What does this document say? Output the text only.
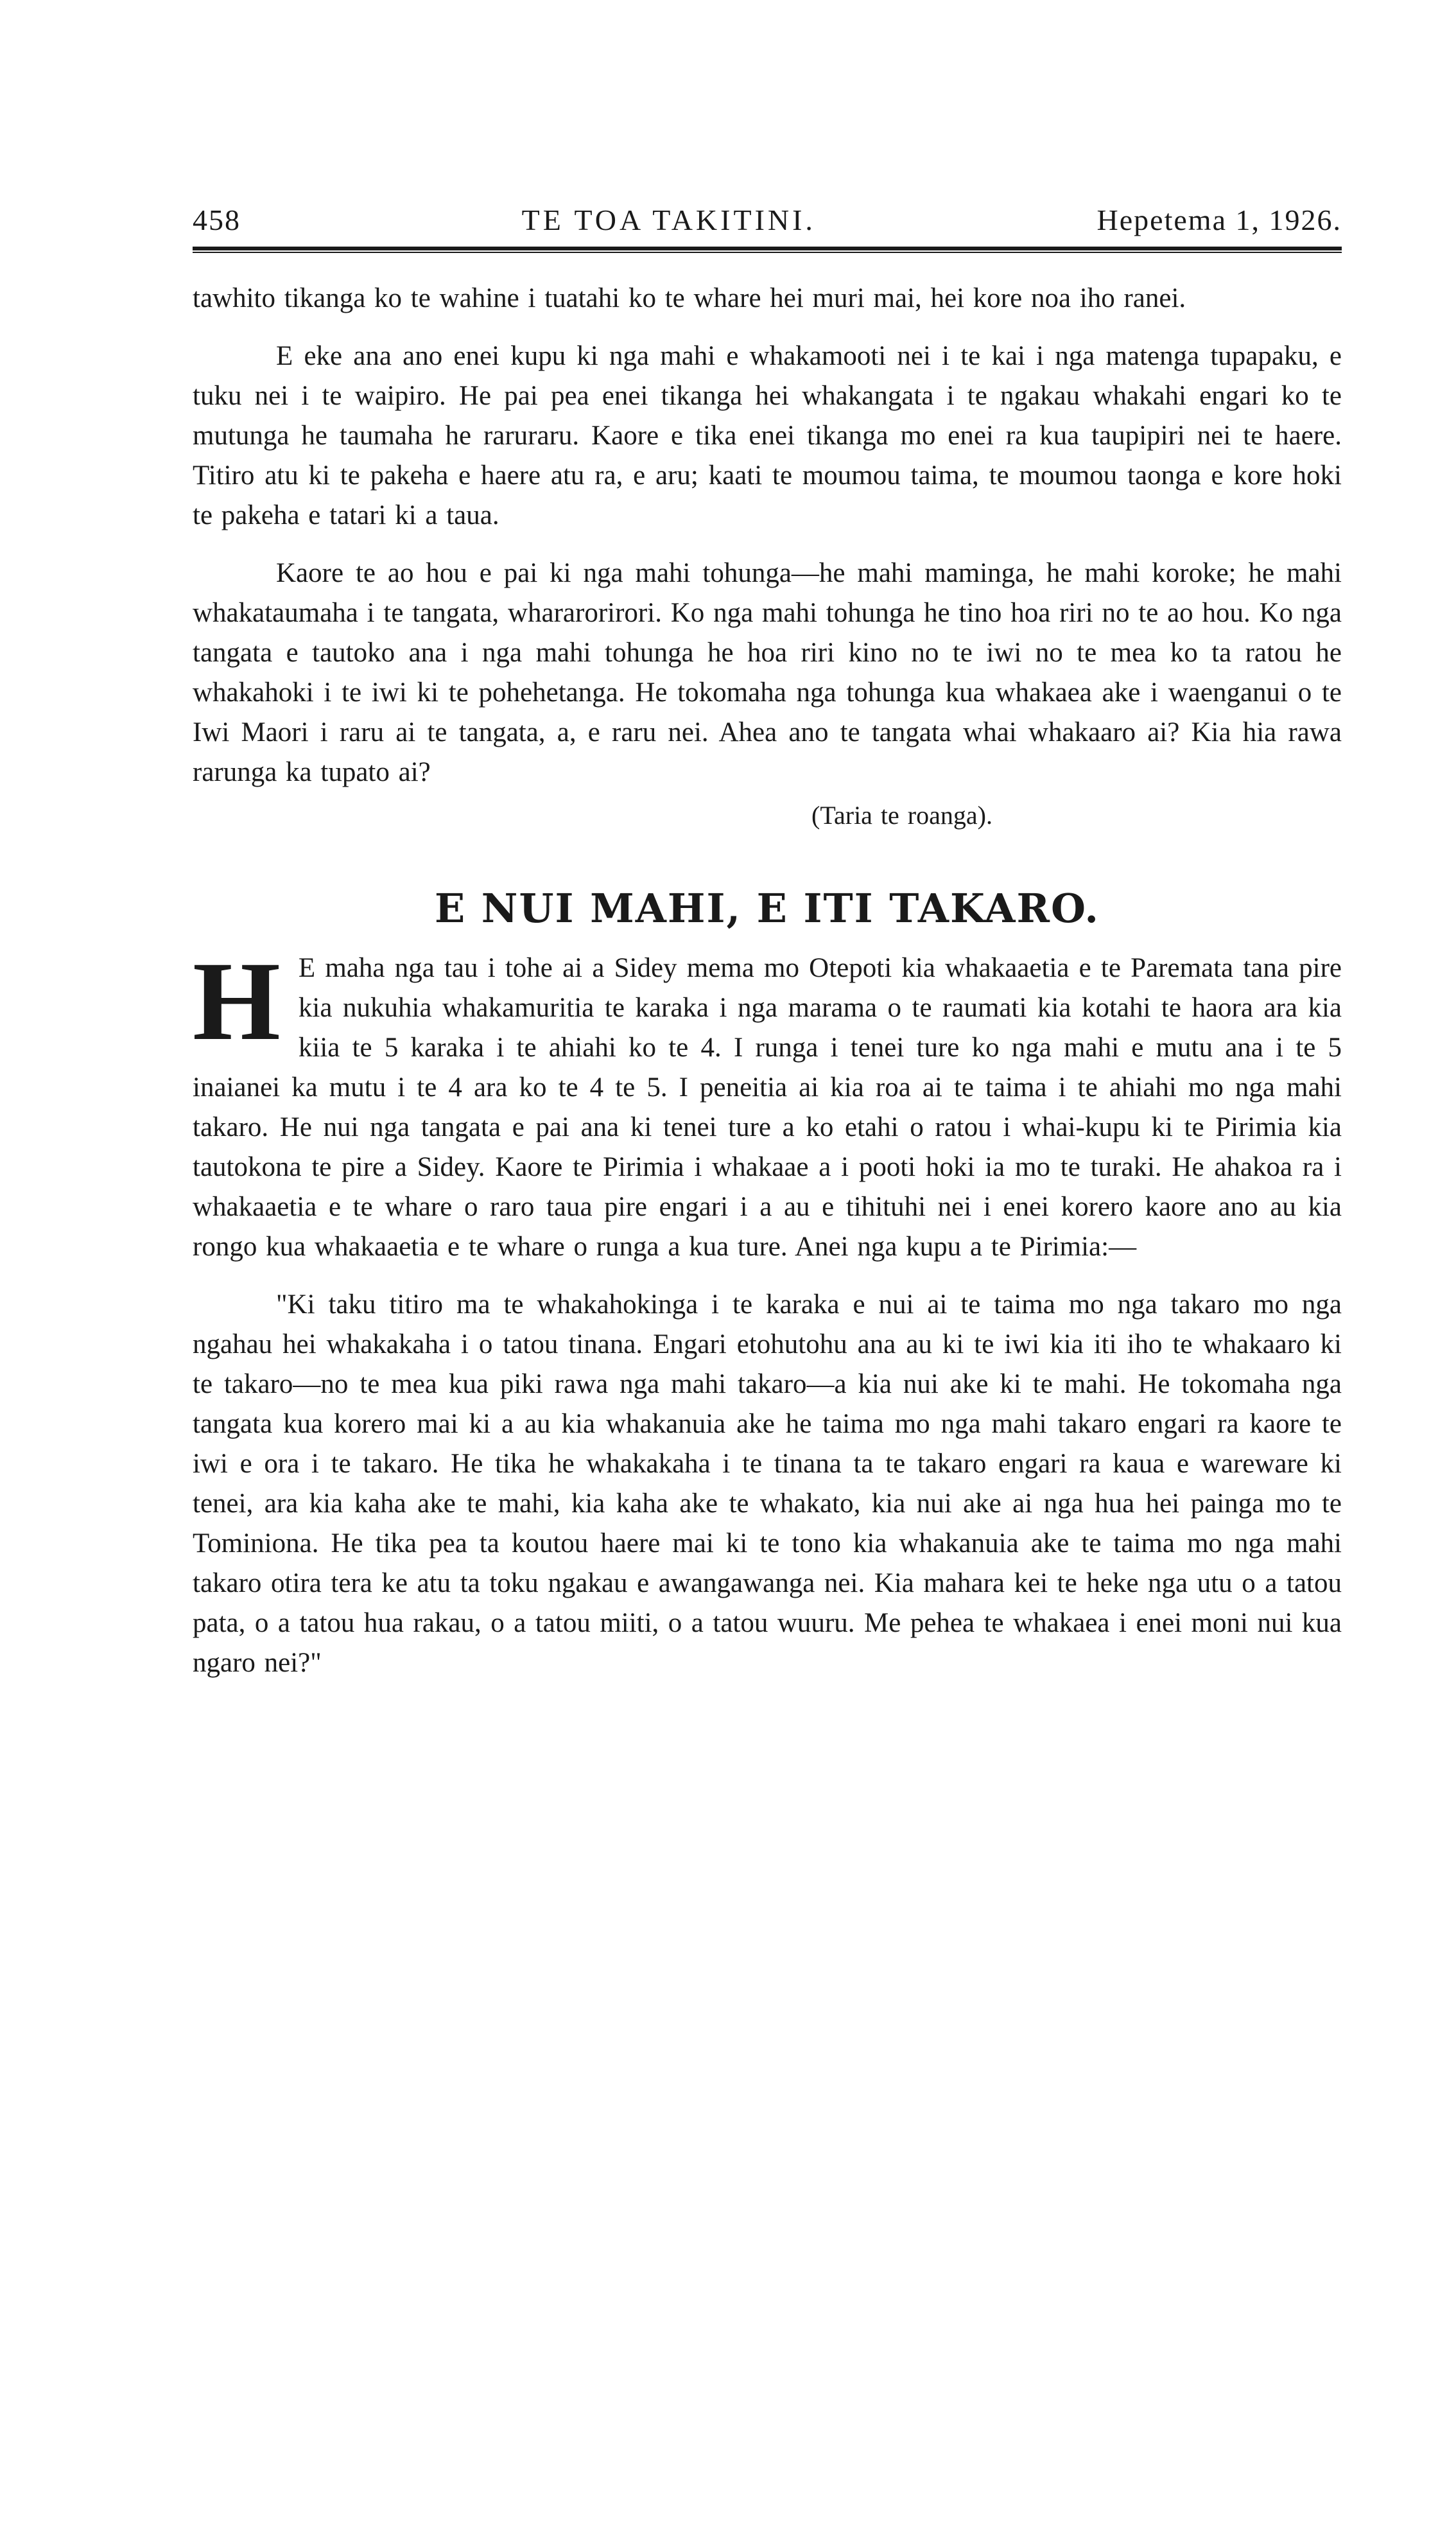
458	TE TOA TAKITINI.	Hepetema 1, 1926.

tawhito tikanga ko te wahine i tuatahi ko te whare hei muri mai, hei kore noa iho ranei.

E eke ana ano enei kupu ki nga mahi e whakamooti nei i te kai i nga matenga tupapaku, e tuku nei i te waipiro. He pai pea enei tikanga hei whakangata i te ngakau whakahi engari ko te mutunga he taumaha he raruraru. Kaore e tika enei tikanga mo enei ra kua taupipiri nei te haere. Titiro atu ki te pakeha e haere atu ra, e aru; kaati te moumou taima, te moumou taonga e kore hoki te pakeha e tatari ki a taua.

Kaore te ao hou e pai ki nga mahi tohunga—he mahi maminga, he mahi koroke; he mahi whakataumaha i te tangata, whararorirori. Ko nga mahi tohunga he tino hoa riri no te ao hou. Ko nga tangata e tautoko ana i nga mahi tohunga he hoa riri kino no te iwi no te mea ko ta ratou he whakahoki i te iwi ki te pohehetanga. He tokomaha nga tohunga kua whakaea ake i waenganui o te Iwi Maori i raru ai te tangata, a, e raru nei. Ahea ano te tangata whai whakaaro ai? Kia hia rawa rarunga ka tupato ai?

(Taria te roanga).

E NUI MAHI, E ITI TAKARO.
H E maha nga tau i tohe ai a Sidey mema mo Otepoti kia whakaaetia e te Paremata tana pire kia nukuhia whakamuritia te karaka i nga marama o te raumati kia kotahi te haora ara kia kiia te 5 karaka i te ahiahi ko te 4. I runga i tenei ture ko nga mahi e mutu ana i te 5 inaianei ka mutu i te 4 ara ko te 4 te 5. I peneitia ai kia roa ai te taima i te ahiahi mo nga mahi takaro. He nui nga tangata e pai ana ki tenei ture a ko etahi o ratou i whai-kupu ki te Pirimia kia tautokona te pire a Sidey. Kaore te Pirimia i whakaae a i pooti hoki ia mo te turaki. He ahakoa ra i whakaaetia e te whare o raro taua pire engari i a au e tihituhi nei i enei korero kaore ano au kia rongo kua whakaaetia e te whare o runga a kua ture. Anei nga kupu a te Pirimia:—

"Ki taku titiro ma te whakahokinga i te karaka e nui ai te taima mo nga takaro mo nga ngahau hei whakakaha i o tatou tinana. Engari etohutohu ana au ki te iwi kia iti iho te whakaaro ki te takaro—no te mea kua piki rawa nga mahi takaro—a kia nui ake ki te mahi. He tokomaha nga tangata kua korero mai ki a au kia whakanuia ake he taima mo nga mahi takaro engari ra kaore te iwi e ora i te takaro. He tika he whakakaha i te tinana ta te takaro engari ra kaua e wareware ki tenei, ara kia kaha ake te mahi, kia kaha ake te whakato, kia nui ake ai nga hua hei painga mo te Tominiona. He tika pea ta koutou haere mai ki te tono kia whakanuia ake te taima mo nga mahi takaro otira tera ke atu ta toku ngakau e awangawanga nei. Kia mahara kei te heke nga utu o a tatou pata, o a tatou hua rakau, o a tatou miiti, o a tatou wuuru. Me pehea te whakaea i enei moni nui kua ngaro nei?"
